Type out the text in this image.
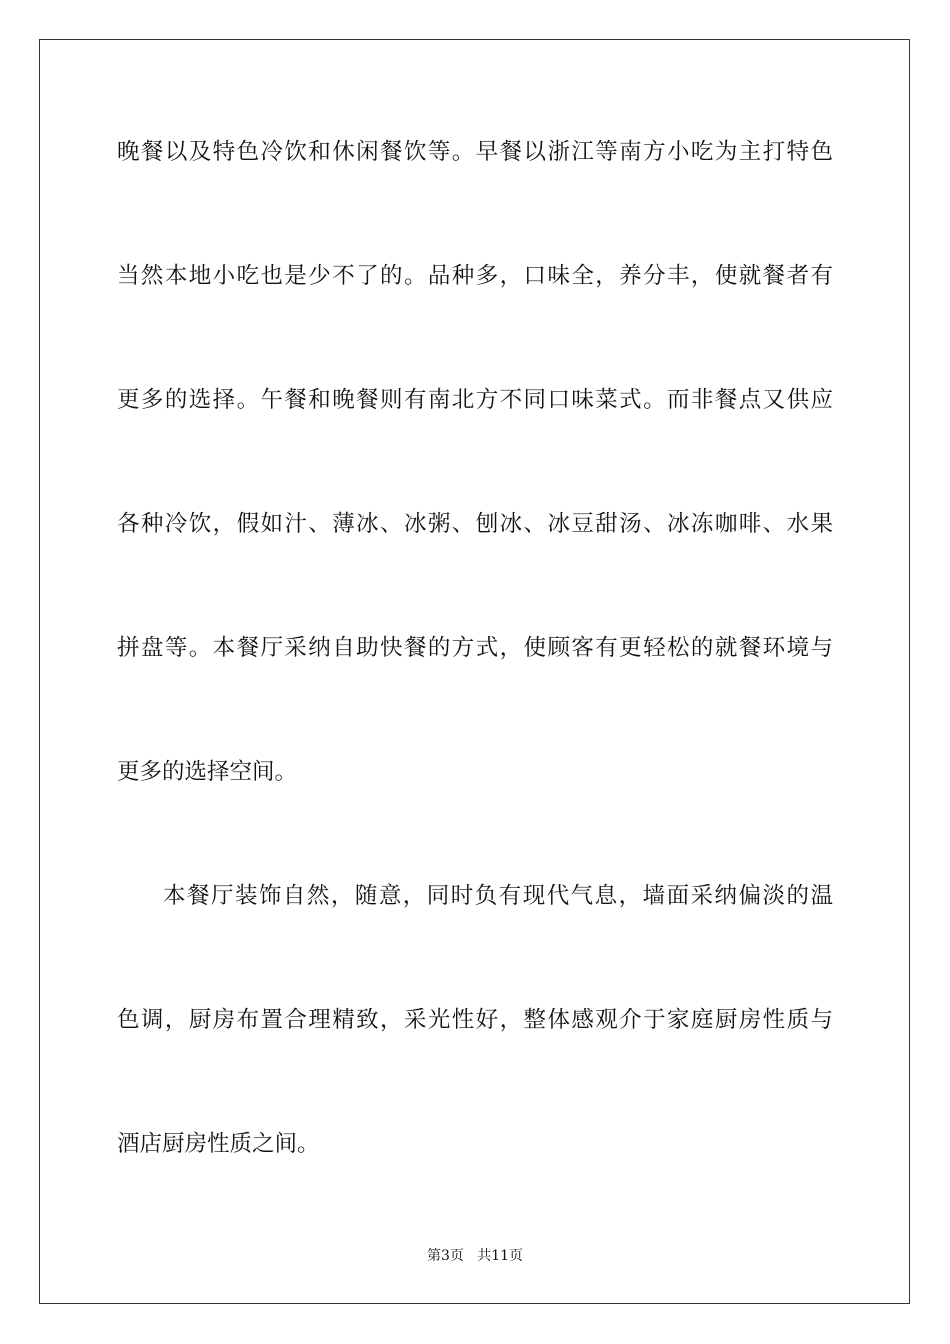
晚餐以及特色冷饮和休闲餐饮等。早餐以浙江等南方小吃为主打特色
当然本地小吃也是少不了的。品种多，口味全，养分丰，使就餐者有
更多的选择。午餐和晚餐则有南北方不同口味菜式。而非餐点又供应
各种冷饮，假如汁、薄冰、冰粥、刨冰、冰豆甜汤、冰冻咖啡、水果
拼盘等。本餐厅采纳自助快餐的方式，使顾客有更轻松的就餐环境与
更多的选择空间。
本餐厅装饰自然，随意，同时负有现代气息，墙面采纳偏淡的温
色调，厨房布置合理精致，采光性好，整体感观介于家庭厨房性质与
酒店厨房性质之间。
第3页   共11页
